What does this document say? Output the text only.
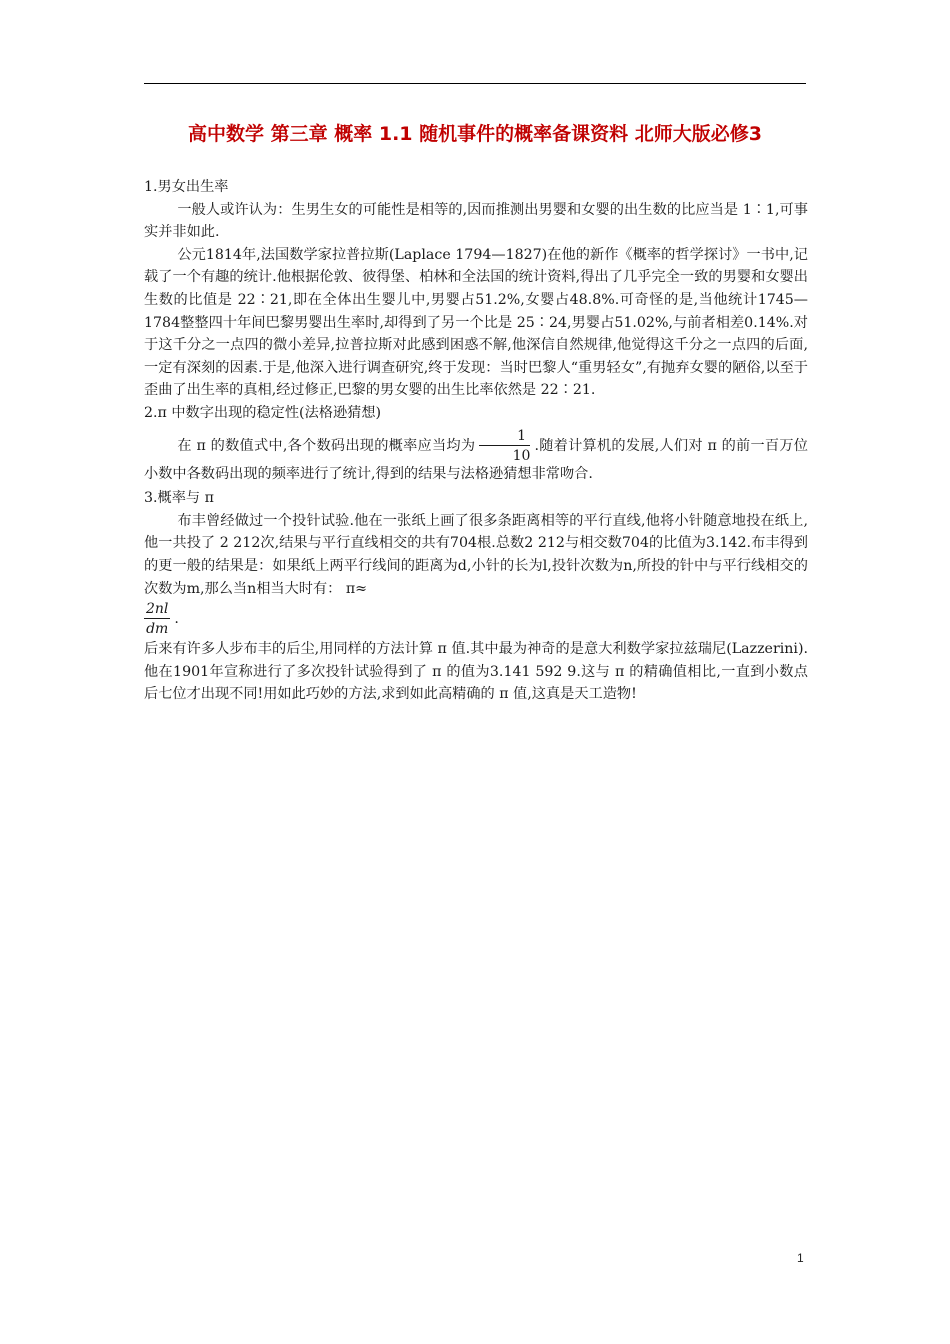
高中数学 第三章 概率 1.1 随机事件的概率备课资料 北师大版必修3

1.男女出生率

一般人或许认为：生男生女的可能性是相等的,因而推测出男婴和女婴的出生数的比应当是 1∶1,可事实并非如此.

公元1814年,法国数学家拉普拉斯(Laplace 1794—1827)在他的新作《概率的哲学探讨》一书中,记载了一个有趣的统计.他根据伦敦、彼得堡、柏林和全法国的统计资料,得出了几乎完全一致的男婴和女婴出生数的比值是 22∶21,即在全体出生婴儿中,男婴占51.2%,女婴占48.8%.可奇怪的是,当他统计1745—1784整整四十年间巴黎男婴出生率时,却得到了另一个比是 25∶24,男婴占51.02%,与前者相差0.14%.对于这千分之一点四的微小差异,拉普拉斯对此感到困惑不解,他深信自然规律,他觉得这千分之一点四的后面,一定有深刻的因素.于是,他深入进行调查研究,终于发现：当时巴黎人“重男轻女”,有抛弃女婴的陋俗,以至于歪曲了出生率的真相,经过修正,巴黎的男女婴的出生比率依然是 22∶21.

2.π 中数字出现的稳定性(法格逊猜想)

在 π 的数值式中,各个数码出现的概率应当均为 $\frac{1}{10}$ .随着计算机的发展,人们对 π 的前一百万位小数中各数码出现的频率进行了统计,得到的结果与法格逊猜想非常吻合.

3.概率与 π

布丰曾经做过一个投针试验.他在一张纸上画了很多条距离相等的平行直线,他将小针随意地投在纸上,他一共投了 2 212次,结果与平行直线相交的共有704根.总数2 212与相交数704的比值为3.142.布丰得到的更一般的结果是：如果纸上两平行线间的距离为d,小针的长为l,投针次数为n,所投的针中与平行线相交的次数为m,那么当n相当大时有： π≈

$\frac{2nl}{dm}$ .

后来有许多人步布丰的后尘,用同样的方法计算 π 值.其中最为神奇的是意大利数学家拉兹瑞尼(Lazzerini).他在1901年宣称进行了多次投针试验得到了 π 的值为3.141 592 9.这与 π 的精确值相比,一直到小数点后七位才出现不同!用如此巧妙的方法,求到如此高精确的 π 值,这真是天工造物!

1
